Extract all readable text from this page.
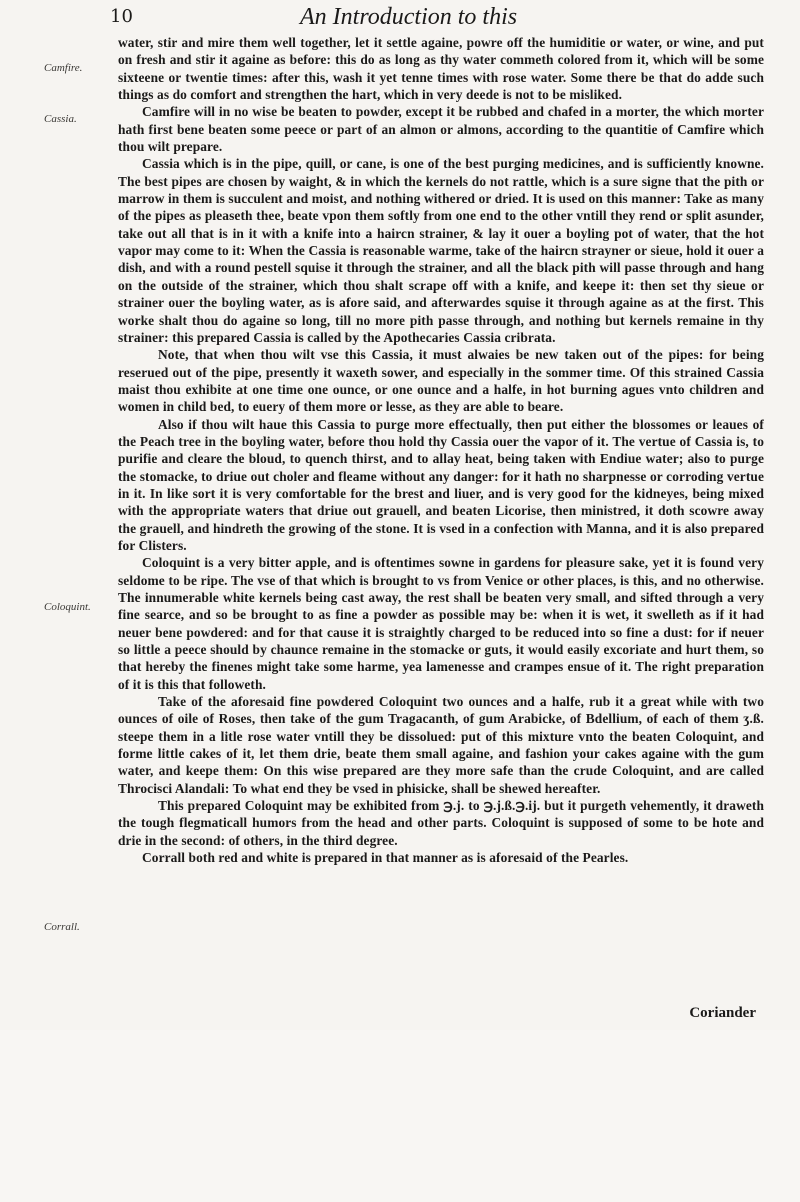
10	An Introduction to this
Camfire.
Cassia.
Coloquint.
Corrall.

water, stir and mire them well together, let it settle againe, powre off the humiditie or water, or wine, and put on fresh and stir it againe as before: this do as long as thy water commeth colored from it, which will be some sixteene or twentie times: after this, wash it yet tenne times with rose water. Some there be that do adde such things as do comfort and strengthen the hart, which in very deede is not to be misliked.

Camfire will in no wise be beaten to powder, except it be rubbed and chafed in a morter, the which morter hath first bene beaten some peece or part of an almon or almons, according to the quantitie of Camfire which thou wilt prepare.

Cassia which is in the pipe, quill, or cane, is one of the best purging medicines, and is sufficiently knowne. The best pipes are chosen by waight, & in which the kernels do not rattle, which is a sure signe that the pith or marrow in them is succulent and moist, and nothing withered or dried. It is used on this manner: Take as many of the pipes as pleaseth thee, beate vpon them softly from one end to the other vntill they rend or split asunder, take out all that is in it with a knife into a haircn strainer, & lay it ouer a boyling pot of water, that the hot vapor may come to it: When the Cassia is reasonable warme, take of the haircn strayner or sieue, hold it ouer a dish, and with a round pestell squise it through the strainer, and all the black pith will passe through and hang on the outside of the strainer, which thou shalt scrape off with a knife, and keepe it: then set thy sieue or strainer ouer the boyling water, as is afore said, and afterwardes squise it through againe as at the first. This worke shalt thou do againe so long, till no more pith passe through, and nothing but kernels remaine in thy strainer: this prepared Cassia is called by the Apothecaries Cassia cribrata.

Note, that when thou wilt vse this Cassia, it must alwaies be new taken out of the pipes: for being reserued out of the pipe, presently it waxeth sower, and especially in the sommer time. Of this strained Cassia maist thou exhibite at one time one ounce, or one ounce and a halfe, in hot burning agues vnto children and women in child bed, to euery of them more or lesse, as they are able to beare.

Also if thou wilt haue this Cassia to purge more effectually, then put either the blossomes or leaues of the Peach tree in the boyling water, before thou hold thy Cassia ouer the vapor of it. The vertue of Cassia is, to purifie and cleare the bloud, to quench thirst, and to allay heat, being taken with Endiue water; also to purge the stomacke, to driue out choler and fleame without any danger: for it hath no sharpnesse or corroding vertue in it. In like sort it is very comfortable for the brest and liuer, and is very good for the kidneyes, being mixed with the appropriate waters that driue out grauell, and beaten Licorise, then ministred, it doth scowre away the grauell, and hindreth the growing of the stone. It is vsed in a confection with Manna, and it is also prepared for Clisters.

Coloquint is a very bitter apple, and is oftentimes sowne in gardens for pleasure sake, yet it is found very seldome to be ripe. The vse of that which is brought to vs from Venice or other places, is this, and no otherwise. The innumerable white kernels being cast away, the rest shall be beaten very small, and sifted through a very fine searce, and so be brought to as fine a powder as possible may be: when it is wet, it swelleth as if it had neuer bene powdered: and for that cause it is straightly charged to be reduced into so fine a dust: for if neuer so little a peece should by chaunce remaine in the stomacke or guts, it would easily excoriate and hurt them, so that hereby the finenes might take some harme, yea lamenesse and crampes ensue of it. The right preparation of it is this that followeth.

Take of the aforesaid fine powdered Coloquint two ounces and a halfe, rub it a great while with two ounces of oile of Roses, then take of the gum Tragacanth, of gum Arabicke, of Bdellium, of each of them ʒ.ß. steepe them in a litle rose water vntill they be dissolued: put of this mixture vnto the beaten Coloquint, and forme little cakes of it, let them drie, beate them small againe, and fashion your cakes againe with the gum water, and keepe them: On this wise prepared are they more safe than the crude Coloquint, and are called Throcisci Alandali: To what end they be vsed in phisicke, shall be shewed hereafter.

This prepared Coloquint may be exhibited from ℈.j. to ℈.j.ß.℈.ij. but it purgeth vehemently, it draweth the tough flegmaticall humors from the head and other parts. Coloquint is supposed of some to be hote and drie in the second: of others, in the third degree.

Corrall both red and white is prepared in that manner as is aforesaid of the Pearles.

Coriander
